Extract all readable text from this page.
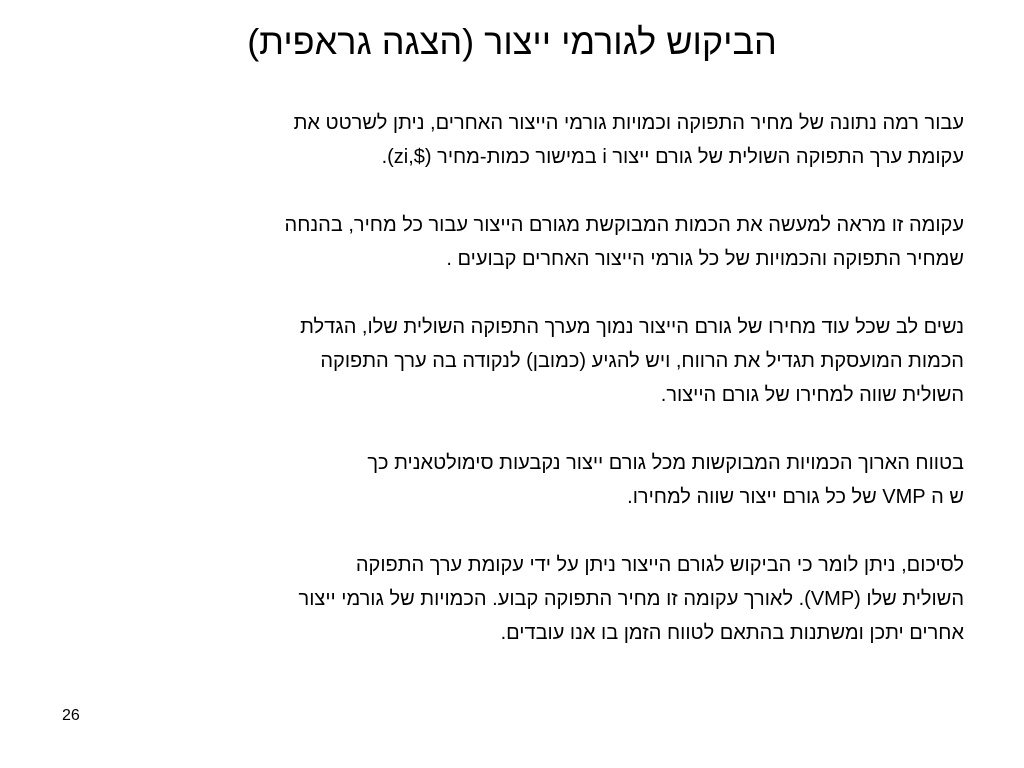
הביקוש לגורמי ייצור (הצגה גראפית)

עבור רמה נתונה של מחיר התפוקה וכמויות גורמי הייצור האחרים, ניתן לשרטט את
עקומת ערך התפוקה השולית של גורם ייצור i במישור כמות-מחיר ($,zi).

עקומה זו מראה למעשה את הכמות המבוקשת מגורם הייצור עבור כל מחיר, בהנחה
שמחיר התפוקה והכמויות של כל גורמי הייצור האחרים קבועים .

נשים לב שכל עוד מחירו של גורם הייצור נמוך מערך התפוקה השולית שלו, הגדלת
הכמות המועסקת תגדיל את הרווח, ויש להגיע (כמובן) לנקודה בה ערך התפוקה
השולית שווה למחירו של גורם הייצור.

בטווח הארוך הכמויות המבוקשות מכל גורם ייצור נקבעות סימולטאנית כך
ש ה VMP של כל גורם ייצור שווה למחירו.

לסיכום, ניתן לומר כי הביקוש לגורם הייצור ניתן על ידי עקומת ערך התפוקה
השולית שלו (VMP). לאורך עקומה זו מחיר התפוקה קבוע. הכמויות של גורמי ייצור
אחרים יתכן ומשתנות בהתאם לטווח הזמן בו אנו עובדים.

26
